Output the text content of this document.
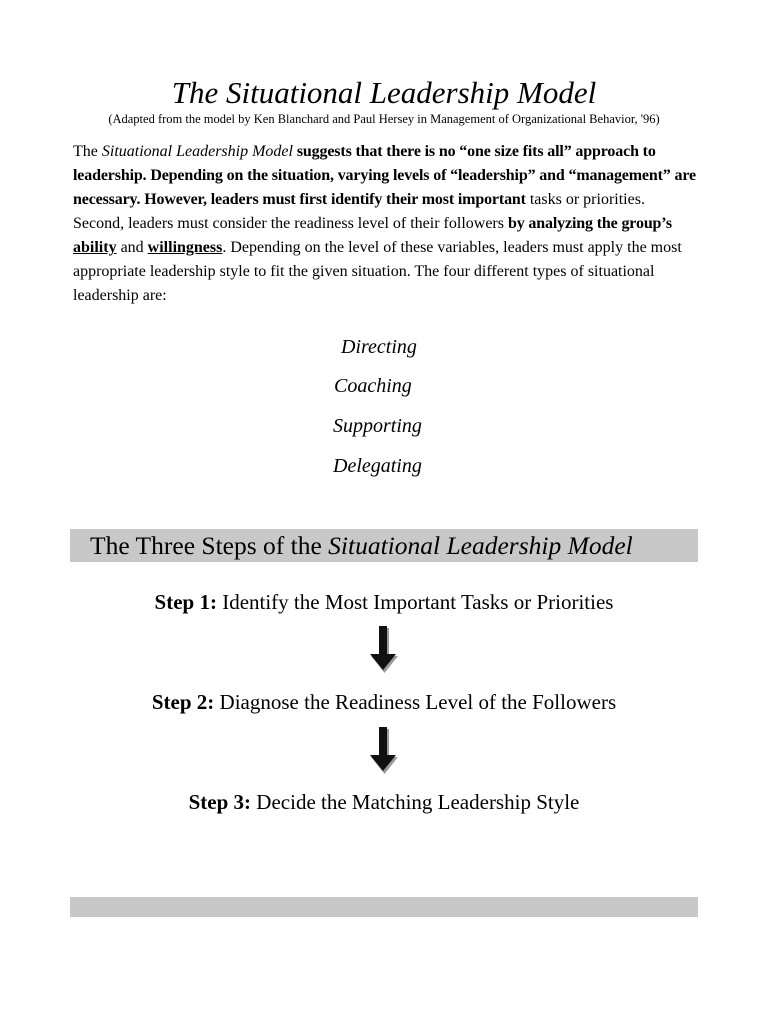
The Situational Leadership Model
(Adapted from the model by Ken Blanchard and Paul Hersey in Management of Organizational Behavior, '96)

The Situational Leadership Model suggests that there is no “one size fits all” approach to leadership. Depending on the situation, varying levels of “leadership” and “management” are necessary. However, leaders must first identify their most important tasks or priorities. Second, leaders must consider the readiness level of their followers by analyzing the group’s ability and willingness. Depending on the level of these variables, leaders must apply the most appropriate leadership style to fit the given situation. The four different types of situational leadership are:

Directing
Coaching
Supporting
Delegating
The Three Steps of the Situational Leadership Model
Step 1: Identify the Most Important Tasks or Priorities
Step 2: Diagnose the Readiness Level of the Followers
Step 3: Decide the Matching Leadership Style
